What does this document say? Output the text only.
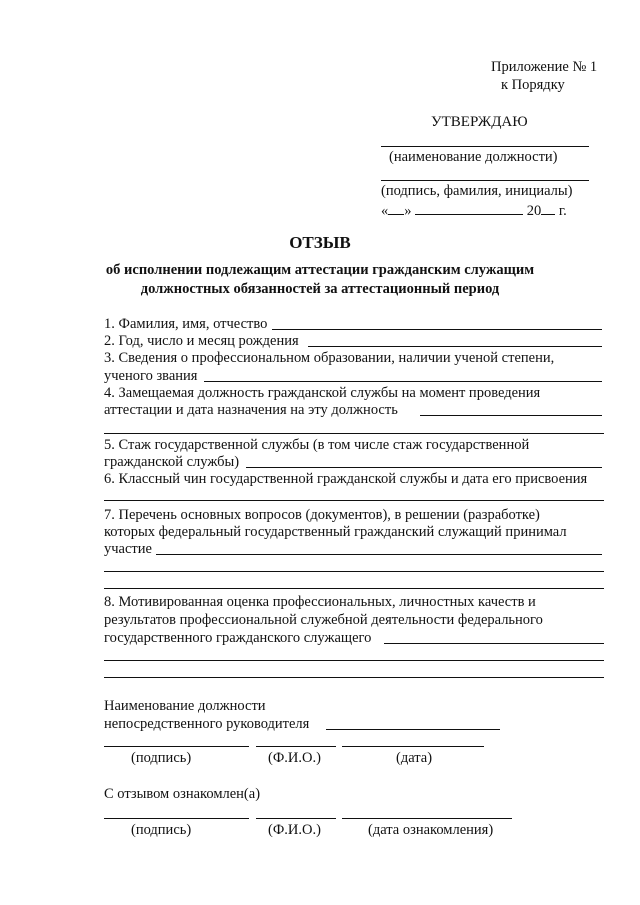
Приложение № 1
к Порядку
УТВЕРЖДАЮ
(наименование должности)
(подпись, фамилия, инициалы)
« »	20 г.
ОТЗЫВ
об исполнении подлежащим аттестации гражданским служащим
должностных обязанностей за аттестационный период
1. Фамилия, имя, отчество
2. Год, число и месяц рождения
3. Сведения о профессиональном образовании, наличии ученой степени,
ученого звания
4. Замещаемая должность гражданской службы на момент проведения
аттестации и дата назначения на эту должность
5. Стаж государственной службы (в том числе стаж государственной
гражданской службы)
6. Классный чин государственной гражданской службы и дата его присвоения
7. Перечень основных вопросов (документов), в решении (разработке)
которых федеральный государственный гражданский служащий принимал
участие
8. Мотивированная оценка профессиональных, личностных качеств и
результатов профессиональной служебной деятельности федерального
государственного гражданского служащего
Наименование должности
непосредственного руководителя
(подпись)	(Ф.И.О.)	(дата)
С отзывом ознакомлен(а)
(подпись)	(Ф.И.О.)	(дата ознакомления)
